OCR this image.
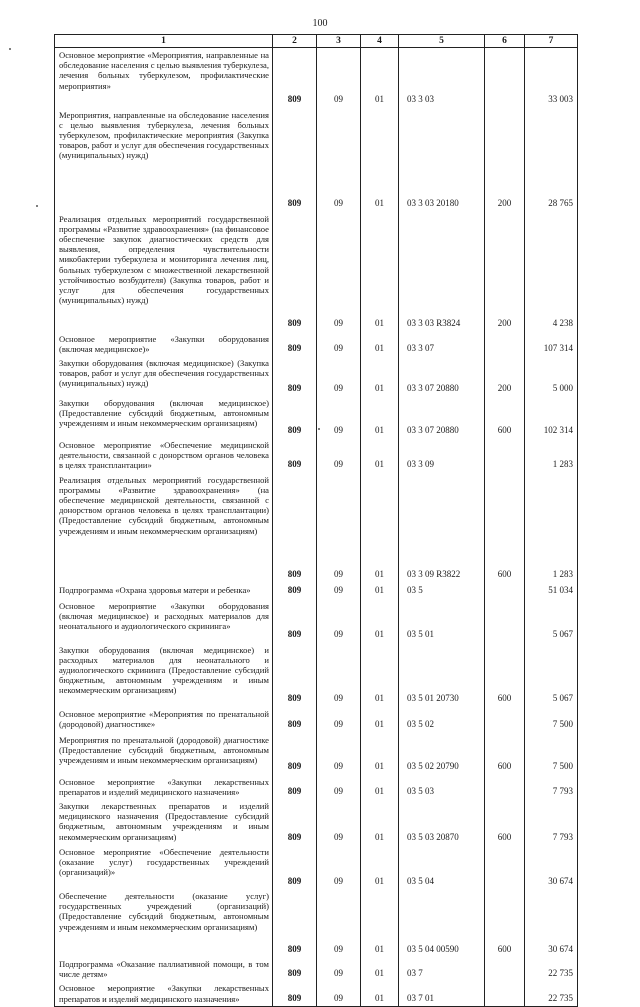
100
1	2	3	4	5	6	7
Основное мероприятие «Мероприятия, направленные на обследование населения с целью выявления туберкулеза, лечения больных туберкулезом, профилактические мероприятия»	809	09	01	03 3 03		33 003
Мероприятия, направленные на обследование населения с целью выявления туберкулеза, лечения больных туберкулезом, профилактические мероприятия (Закупка товаров, работ и услуг для обеспечения государственных (муниципальных) нужд)	809	09	01	03 3 03 20180	200	28 765
Реализация отдельных мероприятий государственной программы «Развитие здравоохранения» (на финансовое обеспечение закупок диагностических средств для выявления, определения чувствительности микобактерии туберкулеза и мониторинга лечения лиц, больных туберкулезом с множественной лекарственной устойчивостью возбудителя) (Закупка товаров, работ и услуг для обеспечения государственных (муниципальных) нужд)	809	09	01	03 3 03 R3824	200	4 238
Основное мероприятие «Закупки оборудования (включая медицинское)»	809	09	01	03 3 07		107 314
Закупки оборудования (включая медицинское) (Закупка товаров, работ и услуг для обеспечения государственных (муниципальных) нужд)	809	09	01	03 3 07 20880	200	5 000
Закупки оборудования (включая медицинское) (Предоставление субсидий бюджетным, автономным учреждениям и иным некоммерческим организациям)	809	09	01	03 3 07 20880	600	102 314
Основное мероприятие «Обеспечение медицинской деятельности, связанной с донорством органов человека в целях трансплантации»	809	09	01	03 3 09		1 283
Реализация отдельных мероприятий государственной программы «Развитие здравоохранения» (на обеспечение медицинской деятельности, связанной с донорством органов человека в целях трансплантации) (Предоставление субсидий бюджетным, автономным учреждениям и иным некоммерческим организациям)	809	09	01	03 3 09 R3822	600	1 283
Подпрограмма «Охрана здоровья матери и ребенка»	809	09	01	03 5		51 034
Основное мероприятие «Закупки оборудования (включая медицинское) и расходных материалов для неонатального и аудиологического скрининга»	809	09	01	03 5 01		5 067
Закупки оборудования (включая медицинское) и расходных материалов для неонатального и аудиологического скрининга (Предоставление субсидий бюджетным, автономным учреждениям и иным некоммерческим организациям)	809	09	01	03 5 01 20730	600	5 067
Основное мероприятие «Мероприятия по пренатальной (дородовой) диагностике»	809	09	01	03 5 02		7 500
Мероприятия по пренатальной (дородовой) диагностике (Предоставление субсидий бюджетным, автономным учреждениям и иным некоммерческим организациям)	809	09	01	03 5 02 20790	600	7 500
Основное мероприятие «Закупки лекарственных препаратов и изделий медицинского назначения»	809	09	01	03 5 03		7 793
Закупки лекарственных препаратов и изделий медицинского назначения (Предоставление субсидий бюджетным, автономным учреждениям и иным некоммерческим организациям)	809	09	01	03 5 03 20870	600	7 793
Основное мероприятие «Обеспечение деятельности (оказание услуг) государственных учреждений (организаций)»	809	09	01	03 5 04		30 674
Обеспечение деятельности (оказание услуг) государственных учреждений (организаций) (Предоставление субсидий бюджетным, автономным учреждениям и иным некоммерческим организациям)	809	09	01	03 5 04 00590	600	30 674
Подпрограмма «Оказание паллиативной помощи, в том числе детям»	809	09	01	03 7		22 735
Основное мероприятие «Закупки лекарственных препаратов и изделий медицинского назначения»	809	09	01	03 7 01		22 735
